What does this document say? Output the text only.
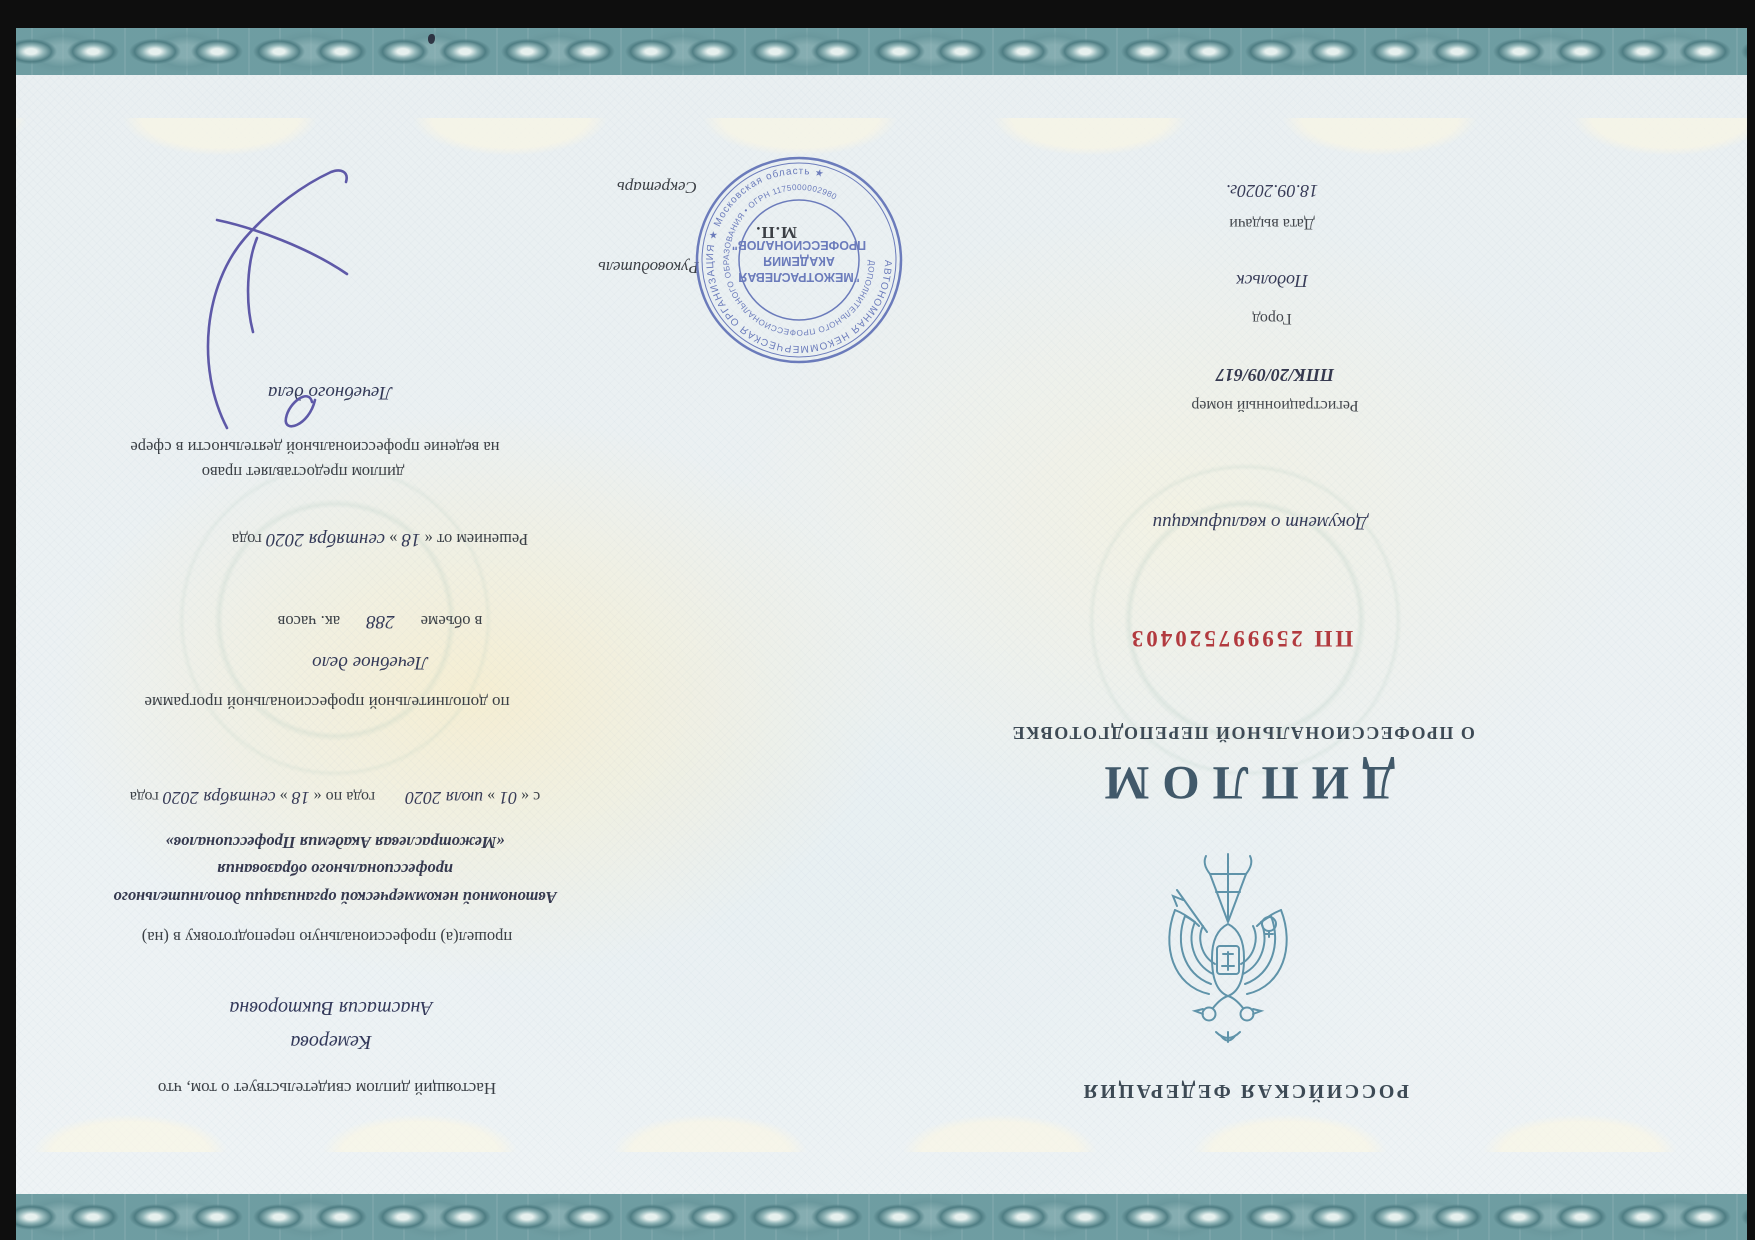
РОССИЙСКАЯ ФЕДЕРАЦИЯ
ДИПЛОМ
О ПРОФЕССИОНАЛЬНОЙ ПЕРЕПОДГОТОВКЕ
ПП 259997520403
Документ о квалификации
Регистрационный номер
ППК/20/09/617
Город
Подольск
Дата выдачи
18.09.2020г.
Настоящий диплом свидетельствует о том, что
Кемерова
Анастасия Викторовна
прошел(а) профессиональную переподготовку в (на)
Автономной некоммерческой организации дополнительного
профессионального образования
«Межотраслевая Академия Профессионалов»
с « 01 » июля 2020 года по « 18 » сентября 2020 года
по дополнительной профессиональной программе
Лечебное дело
в объеме288ак. часов
Решением от « 18 » сентября 2020 года
диплом предоставляет право
на ведение профессиональной деятельности в сфере
Лечебного дела
Руководитель
Секретарь
М.П.
АВТОНОМНАЯ НЕКОММЕРЧЕСКАЯ ОРГАНИЗАЦИЯ ★ Московская область ★
ДОПОЛНИТЕЛЬНОГО ПРОФЕССИОНАЛЬНОГО ОБРАЗОВАНИЯ • ОГРН 1175000002980
"МЕЖОТРАСЛЕВАЯ
АКАДЕМИЯ
ПРОФЕССИОНАЛОВ"
